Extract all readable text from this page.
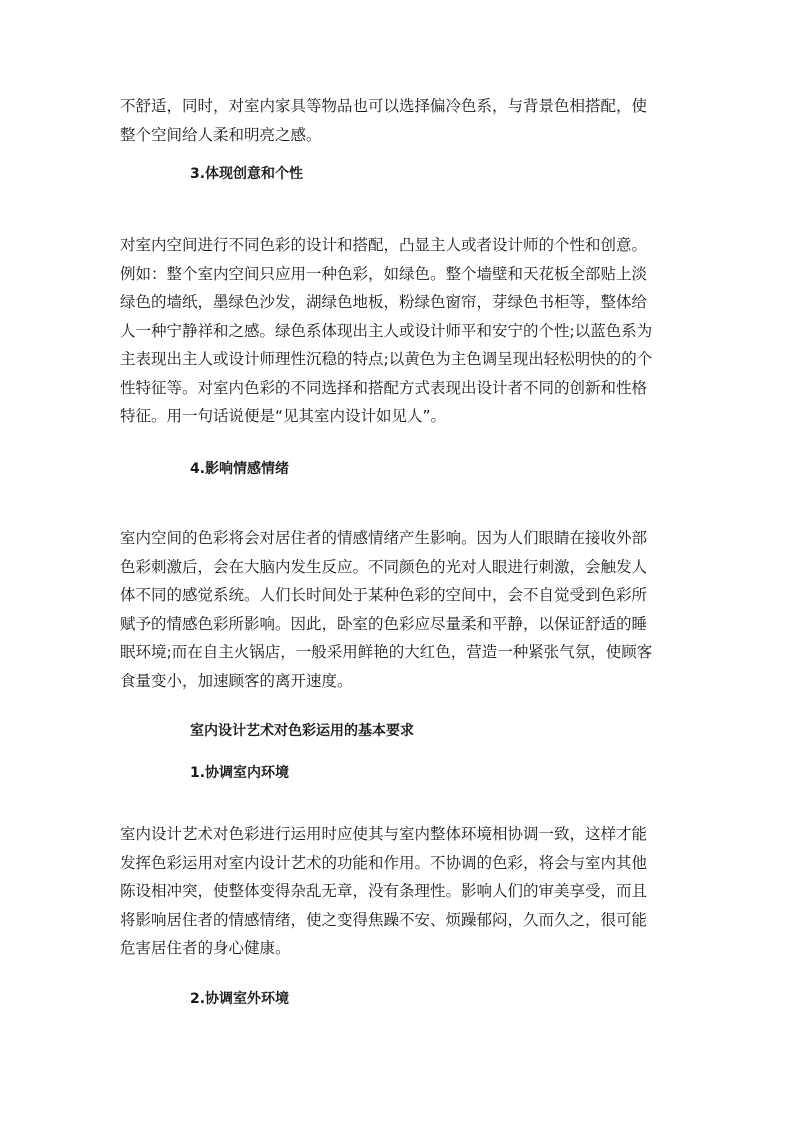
不舒适，同时，对室内家具等物品也可以选择偏冷色系，与背景色相搭配，使
整个空间给人柔和明亮之感。

3.体现创意和个性

对室内空间进行不同色彩的设计和搭配，凸显主人或者设计师的个性和创意。
例如：整个室内空间只应用一种色彩，如绿色。整个墙壁和天花板全部贴上淡
绿色的墙纸，墨绿色沙发，湖绿色地板，粉绿色窗帘，芽绿色书柜等，整体给
人一种宁静祥和之感。绿色系体现出主人或设计师平和安宁的个性;以蓝色系为
主表现出主人或设计师理性沉稳的特点;以黄色为主色调呈现出轻松明快的的个
性特征等。对室内色彩的不同选择和搭配方式表现出设计者不同的创新和性格
特征。用一句话说便是“见其室内设计如见人”。

4.影响情感情绪

室内空间的色彩将会对居住者的情感情绪产生影响。因为人们眼睛在接收外部
色彩刺激后，会在大脑内发生反应。不同颜色的光对人眼进行刺激，会触发人
体不同的感觉系统。人们长时间处于某种色彩的空间中，会不自觉受到色彩所
赋予的情感色彩所影响。因此，卧室的色彩应尽量柔和平静，以保证舒适的睡
眠环境;而在自主火锅店，一般采用鲜艳的大红色，营造一种紧张气氛，使顾客
食量变小，加速顾客的离开速度。

室内设计艺术对色彩运用的基本要求
1.协调室内环境

室内设计艺术对色彩进行运用时应使其与室内整体环境相协调一致，这样才能
发挥色彩运用对室内设计艺术的功能和作用。不协调的色彩，将会与室内其他
陈设相冲突，使整体变得杂乱无章，没有条理性。影响人们的审美享受，而且
将影响居住者的情感情绪，使之变得焦躁不安、烦躁郁闷，久而久之，很可能
危害居住者的身心健康。

2.协调室外环境
